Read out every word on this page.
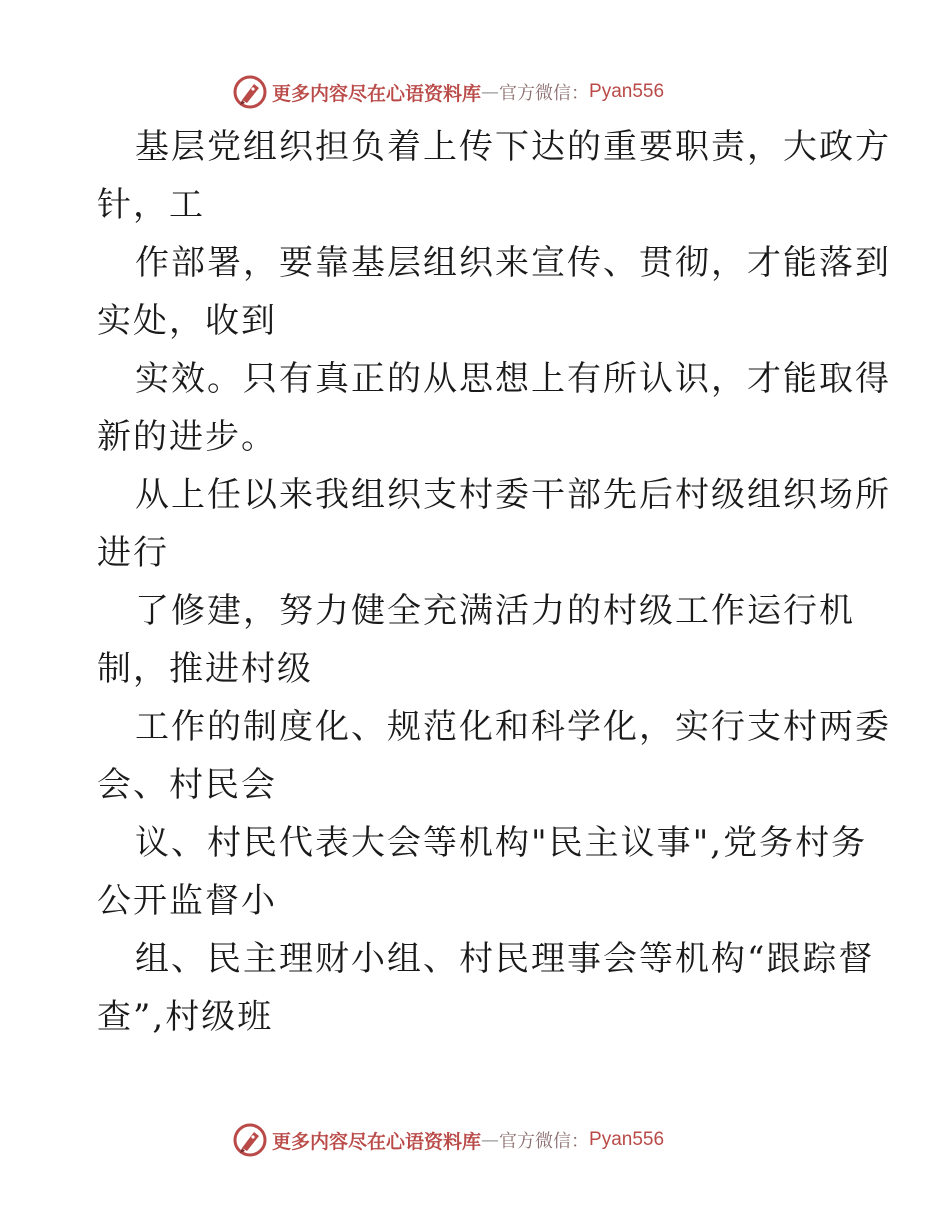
更多内容尽在心语资料库 — 官方微信： Pyan556
基层党组织担负着上传下达的重要职责，大政方
针，工
作部署，要靠基层组织来宣传、贯彻，才能落到
实处，收到
实效。只有真正的从思想上有所认识，才能取得
新的进步。
从上任以来我组织支村委干部先后村级组织场所
进行
了修建，努力健全充满活力的村级工作运行机
制，推进村级
工作的制度化、规范化和科学化，实行支村两委
会、村民会
议、村民代表大会等机构"民主议事",党务村务
公开监督小
组、民主理财小组、村民理事会等机构“跟踪督
查”,村级班
更多内容尽在心语资料库 — 官方微信： Pyan556
